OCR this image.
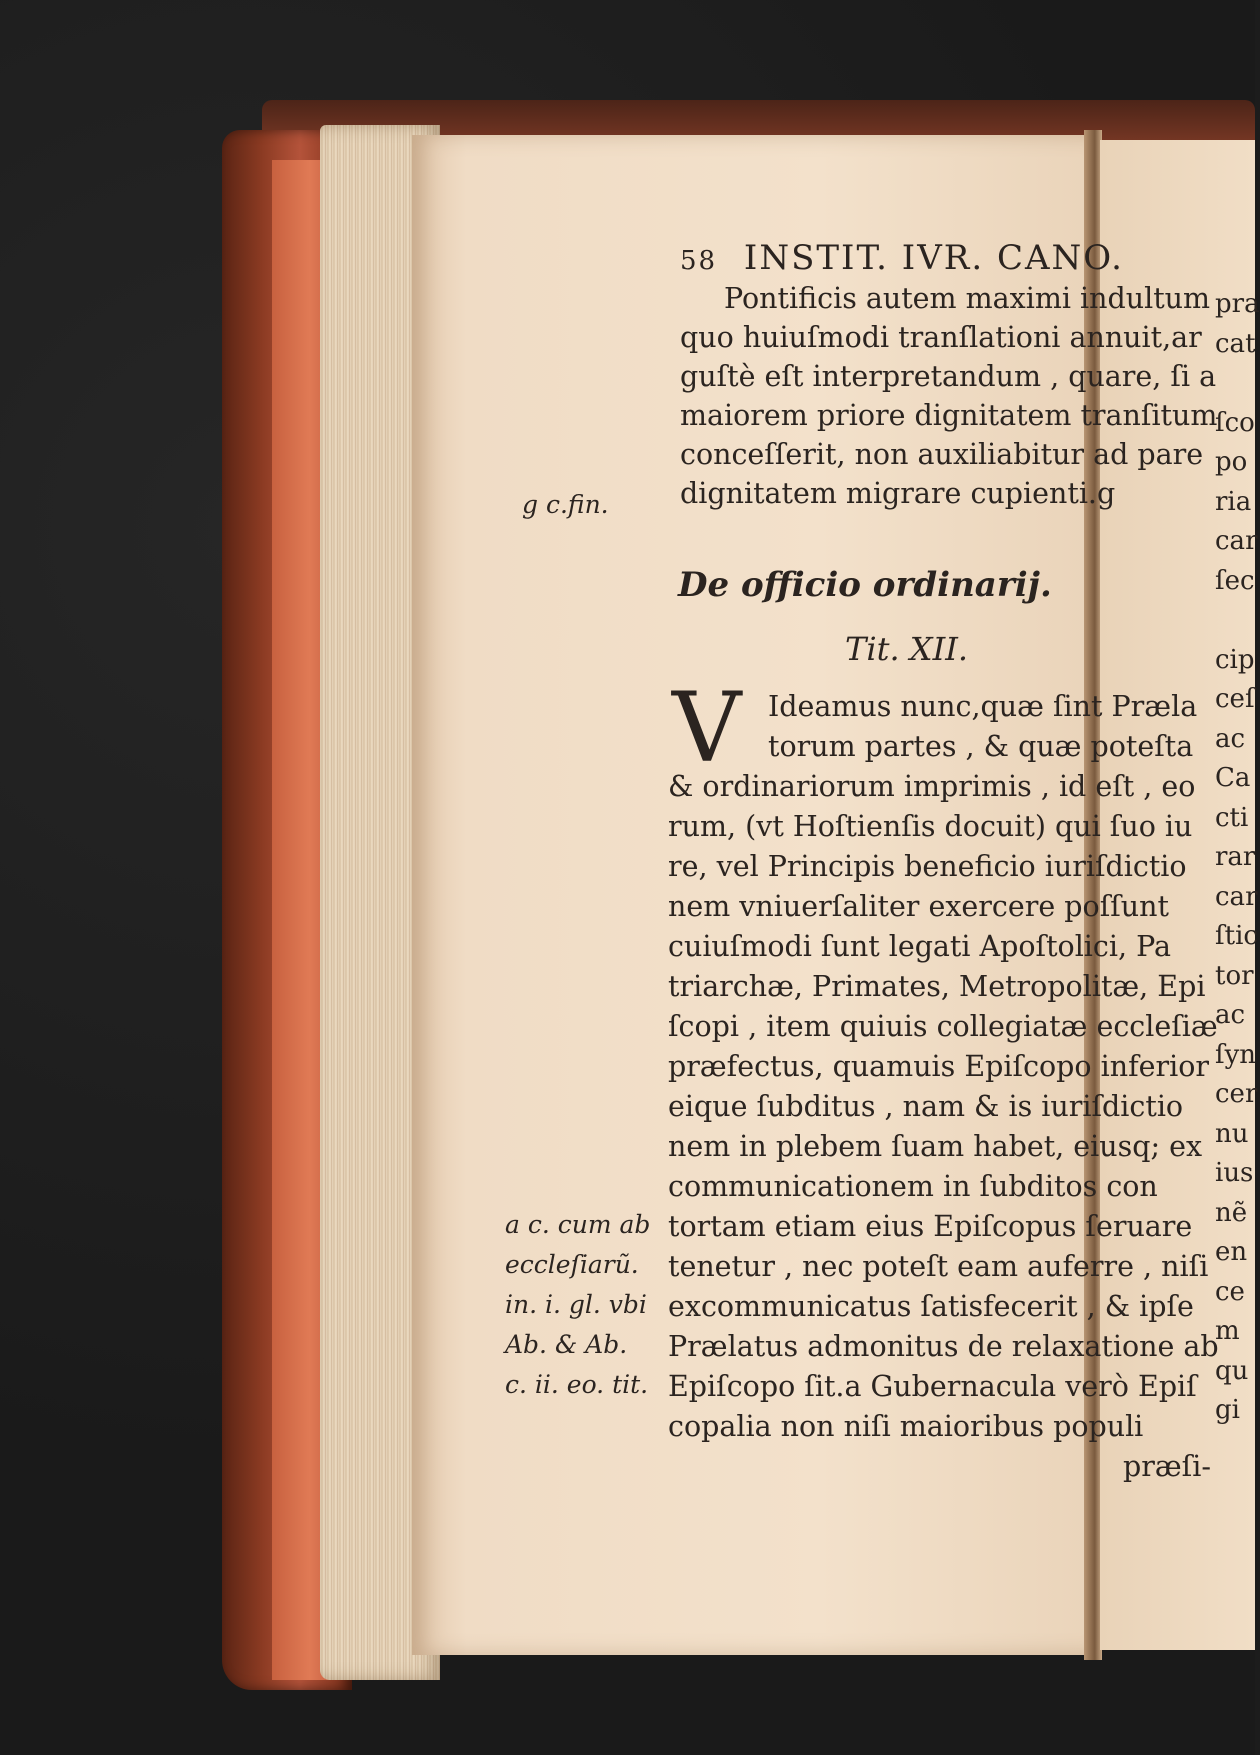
58 INSTIT. IVR. CANO.
Pontificis autem maximi indultum
quo huiuſmodi tranſlationi annuit,ar
guſtè eſt interpretandum , quare, ſi a
maiorem priore dignitatem tranſitum
conceſſerit, non auxiliabitur ad pare
dignitatem migrare cupienti.g
g c.fin.
De officio ordinarij.
Tit. XII.
V Ideamus nunc,quæ ſint Præla
torum partes , & quæ poteſta
& ordinariorum imprimis , id eſt , eo
rum, (vt Hoſtienſis docuit) qui ſuo iu
re, vel Principis beneficio iuriſdictio
nem vniuerſaliter exercere poſſunt
cuiuſmodi ſunt legati Apoſtolici, Pa
triarchæ, Primates, Metropolitæ, Epi
ſcopi , item quiuis collegiatæ eccleſiæ
præfectus, quamuis Epiſcopo inferior
eique ſubditus , nam & is iuriſdictio
nem in plebem ſuam habet, eiusq; ex
communicationem in ſubditos con
tortam etiam eius Epiſcopus ſeruare
tenetur , nec poteſt eam auferre , niſi
excommunicatus ſatisfecerit , & ipſe
Prælatus admonitus de relaxatione ab
Epiſcopo ſit.a Gubernacula verò Epiſ
copalia non niſi maioribus populi
præſi-
a c. cum ab
eccleſiarũ.
in. i. gl. vbi
Ab. & Ab.
c. ii. eo. tit.
pra
cat

ſco
po
ria
car
ſec

cip
ceſ
ac
Ca
cti
rar
car
ſtic
tor
ac
ſyn
cer
nu
ius
nẽ
en
ce
m
qu
gi
